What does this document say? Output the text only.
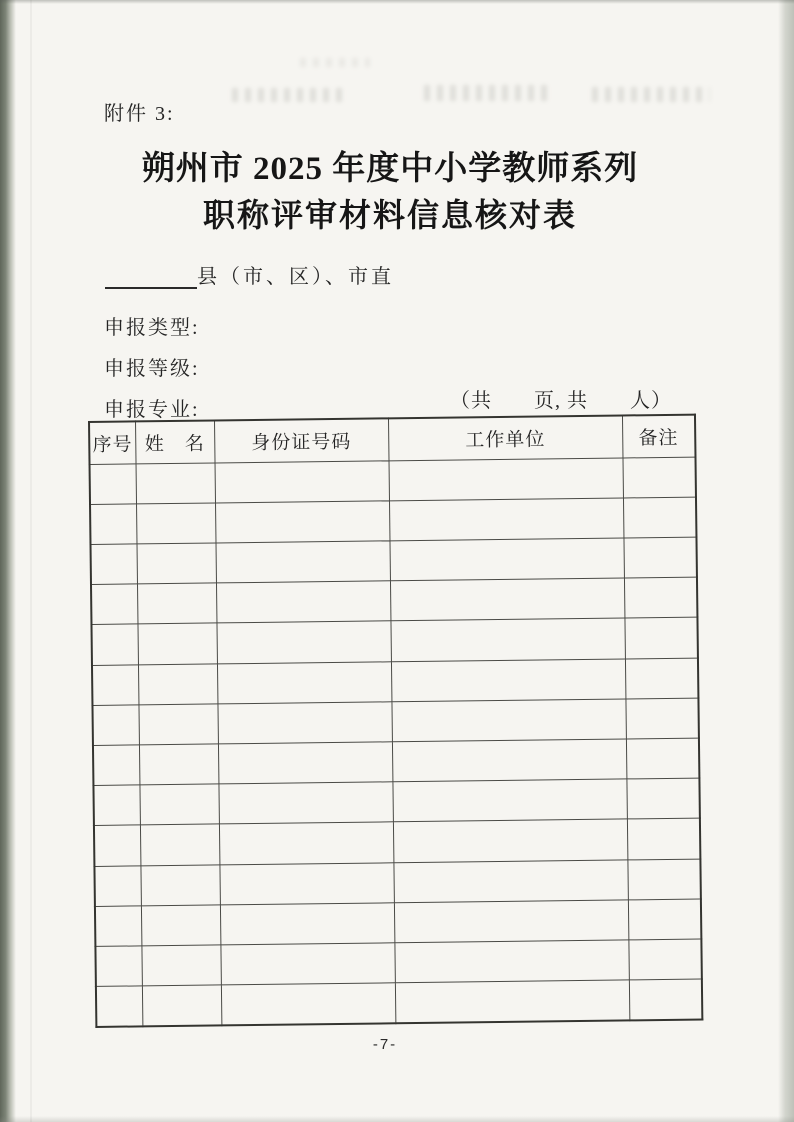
附件 3:
朔州市 2025 年度中小学教师系列
职称评审材料信息核对表
县（市、区）、市直
申报类型:
申报等级:
申报专业:	（共　　页, 共　　人）
序号	姓　名	身份证号码	工作单位	备注

-7-
